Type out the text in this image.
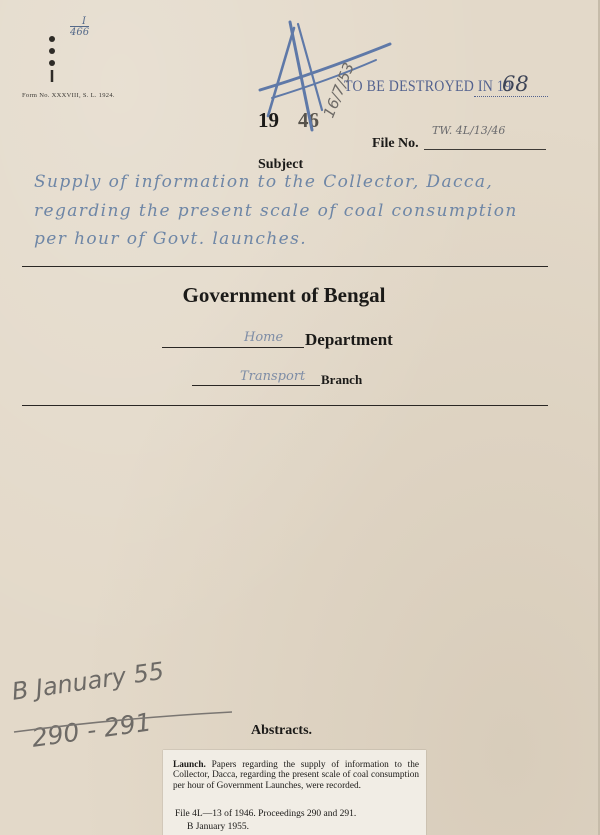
I
466
Form No. XXXVIII, S. L. 1924.
19 46 16/7/53
TO BE DESTROYED IN 19
68
File No.
TW. 4L/13/46
Subject
Supply of information to the Collector, Dacca,
regarding the present scale of coal consumption
per hour of Govt. launches.
Government of Bengal
Home Department
Transport Branch
B January 55
290 - 291	Abstracts.
Launch. Papers regarding the supply of information to the Collector, Dacca, regarding the present scale of coal consumption per hour of Government Launches, were recorded.
File 4L—13 of 1946. Proceedings 290 and 291.
B January 1955.
